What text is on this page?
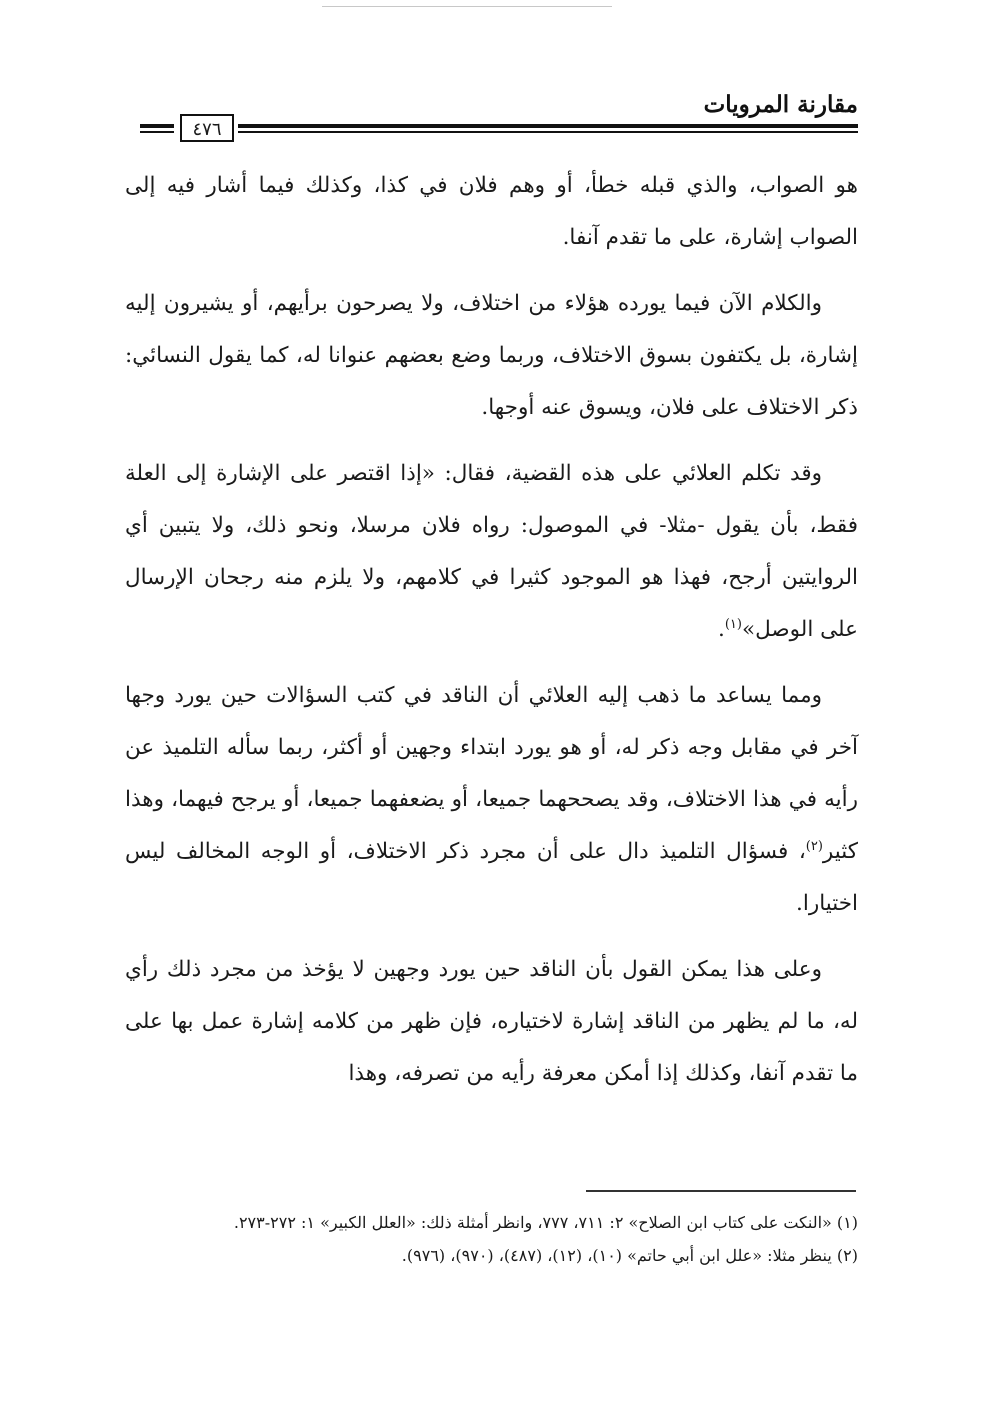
مقارنة المرويات
٤٧٦

هو الصواب، والذي قبله خطأ، أو وهم فلان في كذا، وكذلك فيما أشار فيه إلى الصواب إشارة، على ما تقدم آنفا.

والكلام الآن فيما يورده هؤلاء من اختلاف، ولا يصرحون برأيهم، أو يشيرون إليه إشارة، بل يكتفون بسوق الاختلاف، وربما وضع بعضهم عنوانا له، كما يقول النسائي: ذكر الاختلاف على فلان، ويسوق عنه أوجها.

وقد تكلم العلائي على هذه القضية، فقال: «إذا اقتصر على الإشارة إلى العلة فقط، بأن يقول -مثلا- في الموصول: رواه فلان مرسلا، ونحو ذلك، ولا يتبين أي الروايتين أرجح، فهذا هو الموجود كثيرا في كلامهم، ولا يلزم منه رجحان الإرسال على الوصل»$^{(١)}$.

ومما يساعد ما ذهب إليه العلائي أن الناقد في كتب السؤالات حين يورد وجها آخر في مقابل وجه ذكر له، أو هو يورد ابتداء وجهين أو أكثر، ربما سأله التلميذ عن رأيه في هذا الاختلاف، وقد يصححهما جميعا، أو يضعفهما جميعا، أو يرجح فيهما، وهذا كثير$^{(٢)}$، فسؤال التلميذ دال على أن مجرد ذكر الاختلاف، أو الوجه المخالف ليس اختيارا.

وعلى هذا يمكن القول بأن الناقد حين يورد وجهين لا يؤخذ من مجرد ذلك رأي له، ما لم يظهر من الناقد إشارة لاختياره، فإن ظهر من كلامه إشارة عمل بها على ما تقدم آنفا، وكذلك إذا أمكن معرفة رأيه من تصرفه، وهذا

(١) «النكت على كتاب ابن الصلاح» ٢: ٧١١، ٧٧٧، وانظر أمثلة ذلك: «العلل الكبير» ١: ٢٧٢-٢٧٣.

(٢) ينظر مثلا: «علل ابن أبي حاتم» (١٠)، (١٢)، (٤٨٧)، (٩٧٠)، (٩٧٦).
